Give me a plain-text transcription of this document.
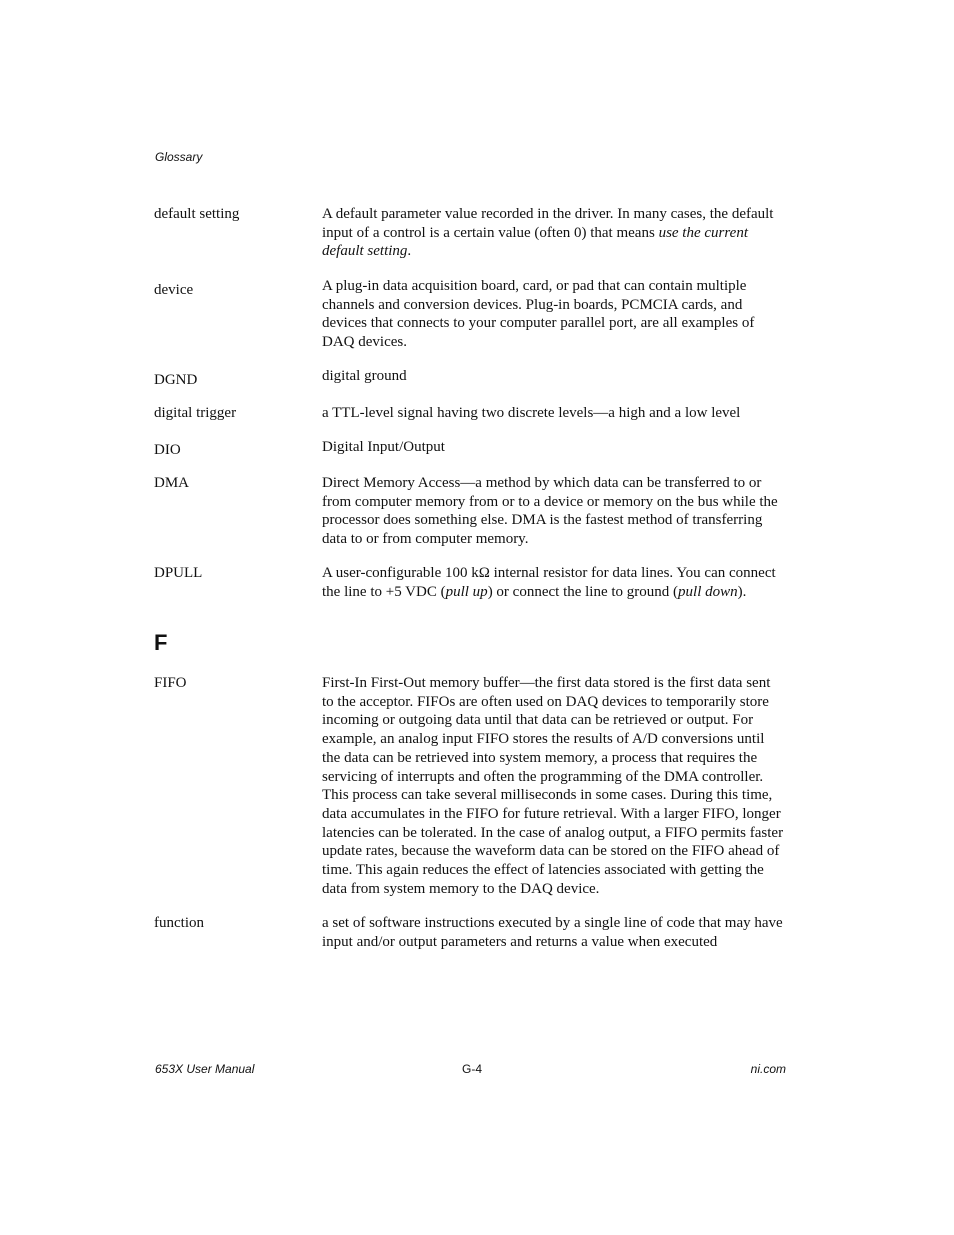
Glossary
default setting	A default parameter value recorded in the driver. In many cases, the default input of a control is a certain value (often 0) that means use the current default setting.
device	A plug-in data acquisition board, card, or pad that can contain multiple channels and conversion devices. Plug-in boards, PCMCIA cards, and devices that connects to your computer parallel port, are all examples of DAQ devices.
DGND	digital ground
digital trigger	a TTL-level signal having two discrete levels—a high and a low level
DIO	Digital Input/Output
DMA	Direct Memory Access—a method by which data can be transferred to or from computer memory from or to a device or memory on the bus while the processor does something else. DMA is the fastest method of transferring data to or from computer memory.
DPULL	A user-configurable 100 kΩ internal resistor for data lines. You can connect the line to +5 VDC (pull up) or connect the line to ground (pull down).
F
FIFO	First-In First-Out memory buffer—the first data stored is the first data sent to the acceptor. FIFOs are often used on DAQ devices to temporarily store incoming or outgoing data until that data can be retrieved or output. For example, an analog input FIFO stores the results of A/D conversions until the data can be retrieved into system memory, a process that requires the servicing of interrupts and often the programming of the DMA controller. This process can take several milliseconds in some cases. During this time, data accumulates in the FIFO for future retrieval. With a larger FIFO, longer latencies can be tolerated. In the case of analog output, a FIFO permits faster update rates, because the waveform data can be stored on the FIFO ahead of time. This again reduces the effect of latencies associated with getting the data from system memory to the DAQ device.
function	a set of software instructions executed by a single line of code that may have input and/or output parameters and returns a value when executed
653X User Manual	G-4	ni.com
